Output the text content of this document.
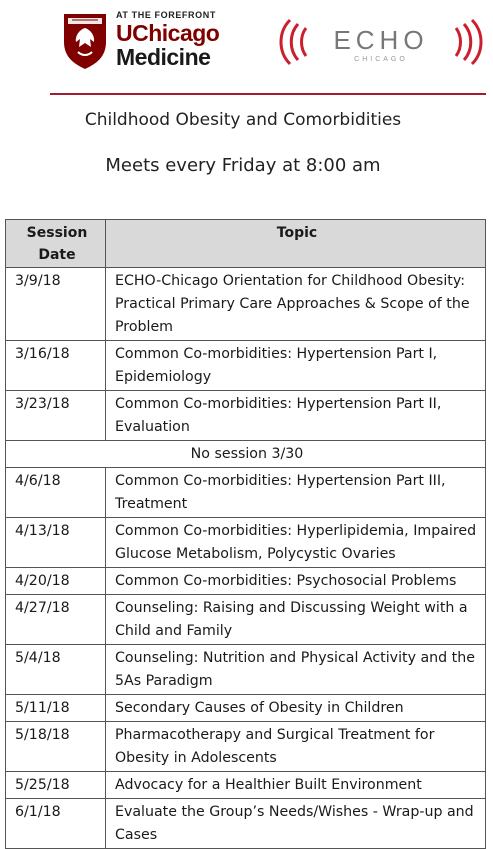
AT THE FOREFRONT
UChicago
Medicine
ECHO
CHICAGO
Childhood Obesity and Comorbidities
Meets every Friday at 8:00 am
Session Date	Topic
3/9/18	ECHO-Chicago Orientation for Childhood Obesity: Practical Primary Care Approaches & Scope of the Problem
3/16/18	Common Co-morbidities: Hypertension Part I, Epidemiology
3/23/18	Common Co-morbidities: Hypertension Part II, Evaluation
No session 3/30	
4/6/18	Common Co-morbidities: Hypertension Part III, Treatment
4/13/18	Common Co-morbidities: Hyperlipidemia, Impaired Glucose Metabolism, Polycystic Ovaries
4/20/18	Common Co-morbidities: Psychosocial Problems
4/27/18	Counseling: Raising and Discussing Weight with a Child and Family
5/4/18	Counseling: Nutrition and Physical Activity and the 5As Paradigm
5/11/18	Secondary Causes of Obesity in Children
5/18/18	Pharmacotherapy and Surgical Treatment for Obesity in Adolescents
5/25/18	Advocacy for a Healthier Built Environment
6/1/18	Evaluate the Group’s Needs/Wishes - Wrap-up and Cases
